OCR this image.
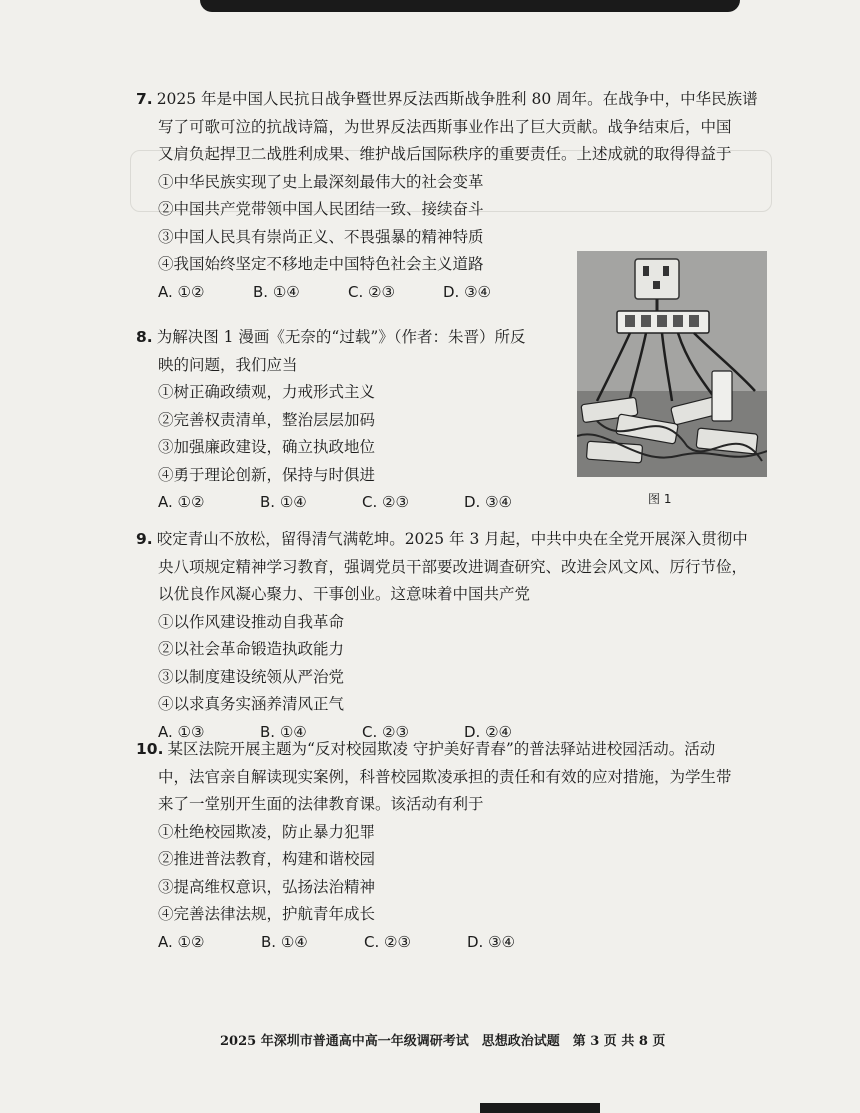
7. 2025 年是中国人民抗日战争暨世界反法西斯战争胜利 80 周年。在战争中，中华民族谱
写了可歌可泣的抗战诗篇，为世界反法西斯事业作出了巨大贡献。战争结束后，中国
又肩负起捍卫二战胜利成果、维护战后国际秩序的重要责任。上述成就的取得得益于
①中华民族实现了史上最深刻最伟大的社会变革
②中国共产党带领中国人民团结一致、接续奋斗
③中国人民具有崇尚正义、不畏强暴的精神特质
④我国始终坚定不移地走中国特色社会主义道路
A. ①②	B. ①④	C. ②③	D. ③④
8. 为解决图 1 漫画《无奈的“过载”》（作者：朱晋）所反
映的问题，我们应当
①树正确政绩观，力戒形式主义
②完善权责清单，整治层层加码
③加强廉政建设，确立执政地位
④勇于理论创新，保持与时俱进
A. ①②	B. ①④	C. ②③	D. ③④	图 1
9. 咬定青山不放松，留得清气满乾坤。2025 年 3 月起，中共中央在全党开展深入贯彻中
央八项规定精神学习教育，强调党员干部要改进调查研究、改进会风文风、厉行节俭，
以优良作风凝心聚力、干事创业。这意味着中国共产党
①以作风建设推动自我革命
②以社会革命锻造执政能力
③以制度建设统领从严治党
④以求真务实涵养清风正气
A. ①③	B. ①④	C. ②③	D. ②④
10. 某区法院开展主题为“反对校园欺凌 守护美好青春”的普法驿站进校园活动。活动
中，法官亲自解读现实案例，科普校园欺凌承担的责任和有效的应对措施，为学生带
来了一堂别开生面的法律教育课。该活动有利于
①杜绝校园欺凌，防止暴力犯罪
②推进普法教育，构建和谐校园
③提高维权意识，弘扬法治精神
④完善法律法规，护航青年成长
A. ①②	B. ①④	C. ②③	D. ③④
2025 年深圳市普通高中高一年级调研考试　思想政治试题　第 3 页 共 8 页
